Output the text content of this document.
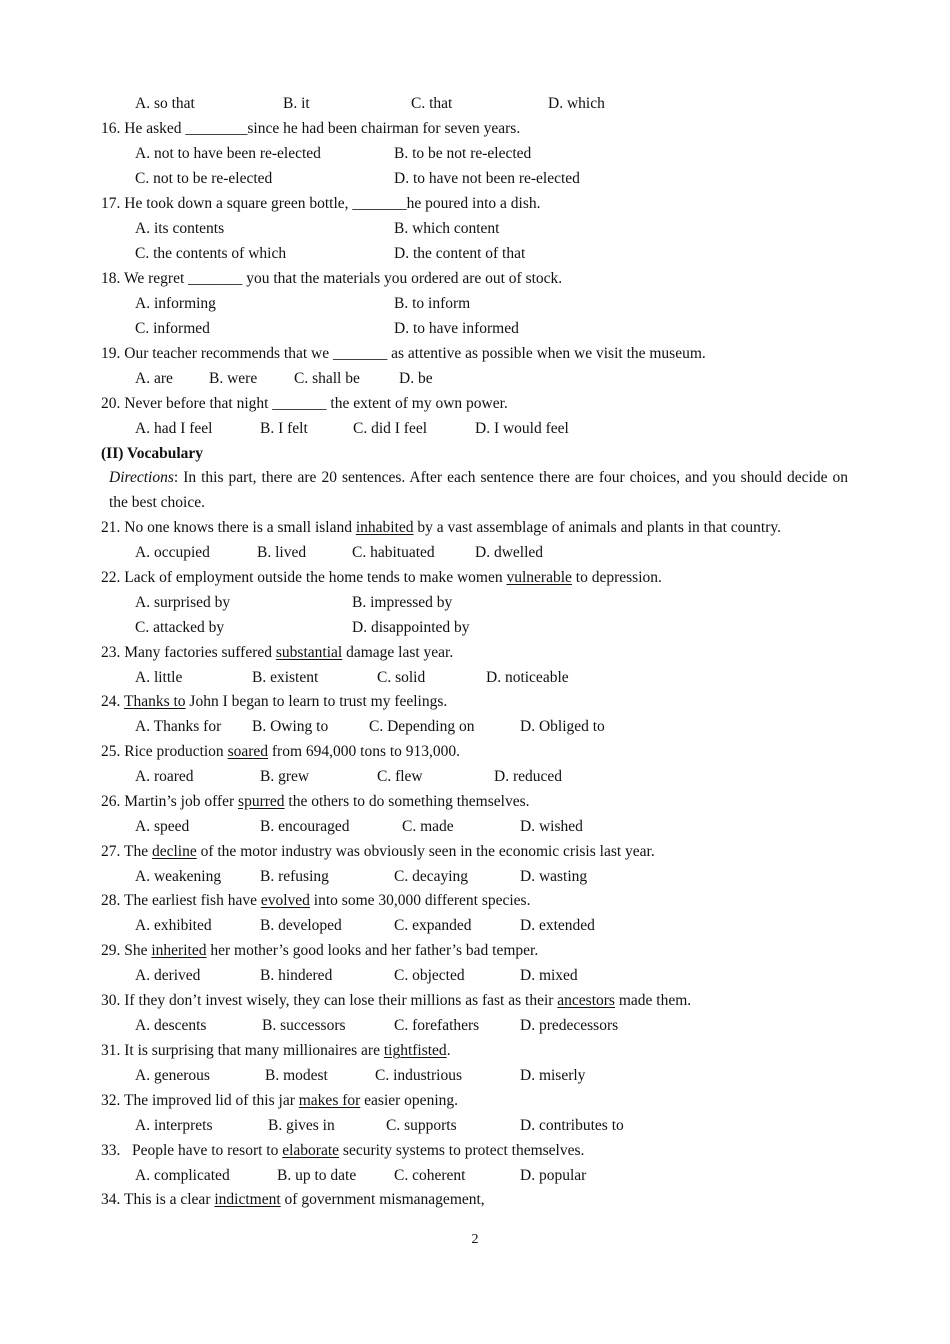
A. so that	B. it	C. that	D. which
16. He asked ________since he had been chairman for seven years.
A. not to have been re-elected	B. to be not re-elected
C. not to be re-elected	D. to have not been re-elected
17. He took down a square green bottle, _______he poured into a dish.
A. its contents	B. which content
C. the contents of which	D. the content of that
18. We regret _______ you that the materials you ordered are out of stock.
A. informing	B. to inform
C. informed	D. to have informed
19. Our teacher recommends that we _______ as attentive as possible when we visit the museum.
A. are B. were C. shall be	D. be
20. Never before that night _______ the extent of my own power.
A. had I feel	B. I felt	C. did I feel	D. I would feel
(II) Vocabulary
Directions: In this part, there are 20 sentences. After each sentence there are four choices, and you should decide on the best choice.
21. No one knows there is a small island inhabited by a vast assemblage of animals and plants in that country.
A. occupied	B. lived	C. habituated	D. dwelled
22. Lack of employment outside the home tends to make women vulnerable to depression.
A. surprised by	B. impressed by
C. attacked by	D. disappointed by
23. Many factories suffered substantial damage last year.
A. little	B. existent	C. solid	D. noticeable
24. Thanks to John I began to learn to trust my feelings.
A. Thanks for B. Owing to	C. Depending on	D. Obliged to
25. Rice production soared from 694,000 tons to 913,000.
A. roared	B. grew	C. flew	D. reduced
26. Martin’s job offer spurred the others to do something themselves.
A. speed	B. encouraged	C. made	D. wished
27. The decline of the motor industry was obviously seen in the economic crisis last year.
A. weakening	B. refusing	C. decaying	D. wasting
28. The earliest fish have evolved into some 30,000 different species.
A. exhibited	B. developed	C. expanded	D. extended
29. She inherited her mother’s good looks and her father’s bad temper.
A. derived	B. hindered	C. objected	D. mixed
30. If they don’t invest wisely, they can lose their millions as fast as their ancestors made them.
A. descents	B. successors	C. forefathers	D. predecessors
31. It is surprising that many millionaires are tightfisted.
A. generous	B. modest	C. industrious	D. miserly
32. The improved lid of this jar makes for easier opening.
A. interprets	B. gives in	C. supports	D. contributes to
33.   People have to resort to elaborate security systems to protect themselves.
A. complicated	B. up to date C. coherent	D. popular
34. This is a clear indictment of government mismanagement,
2
